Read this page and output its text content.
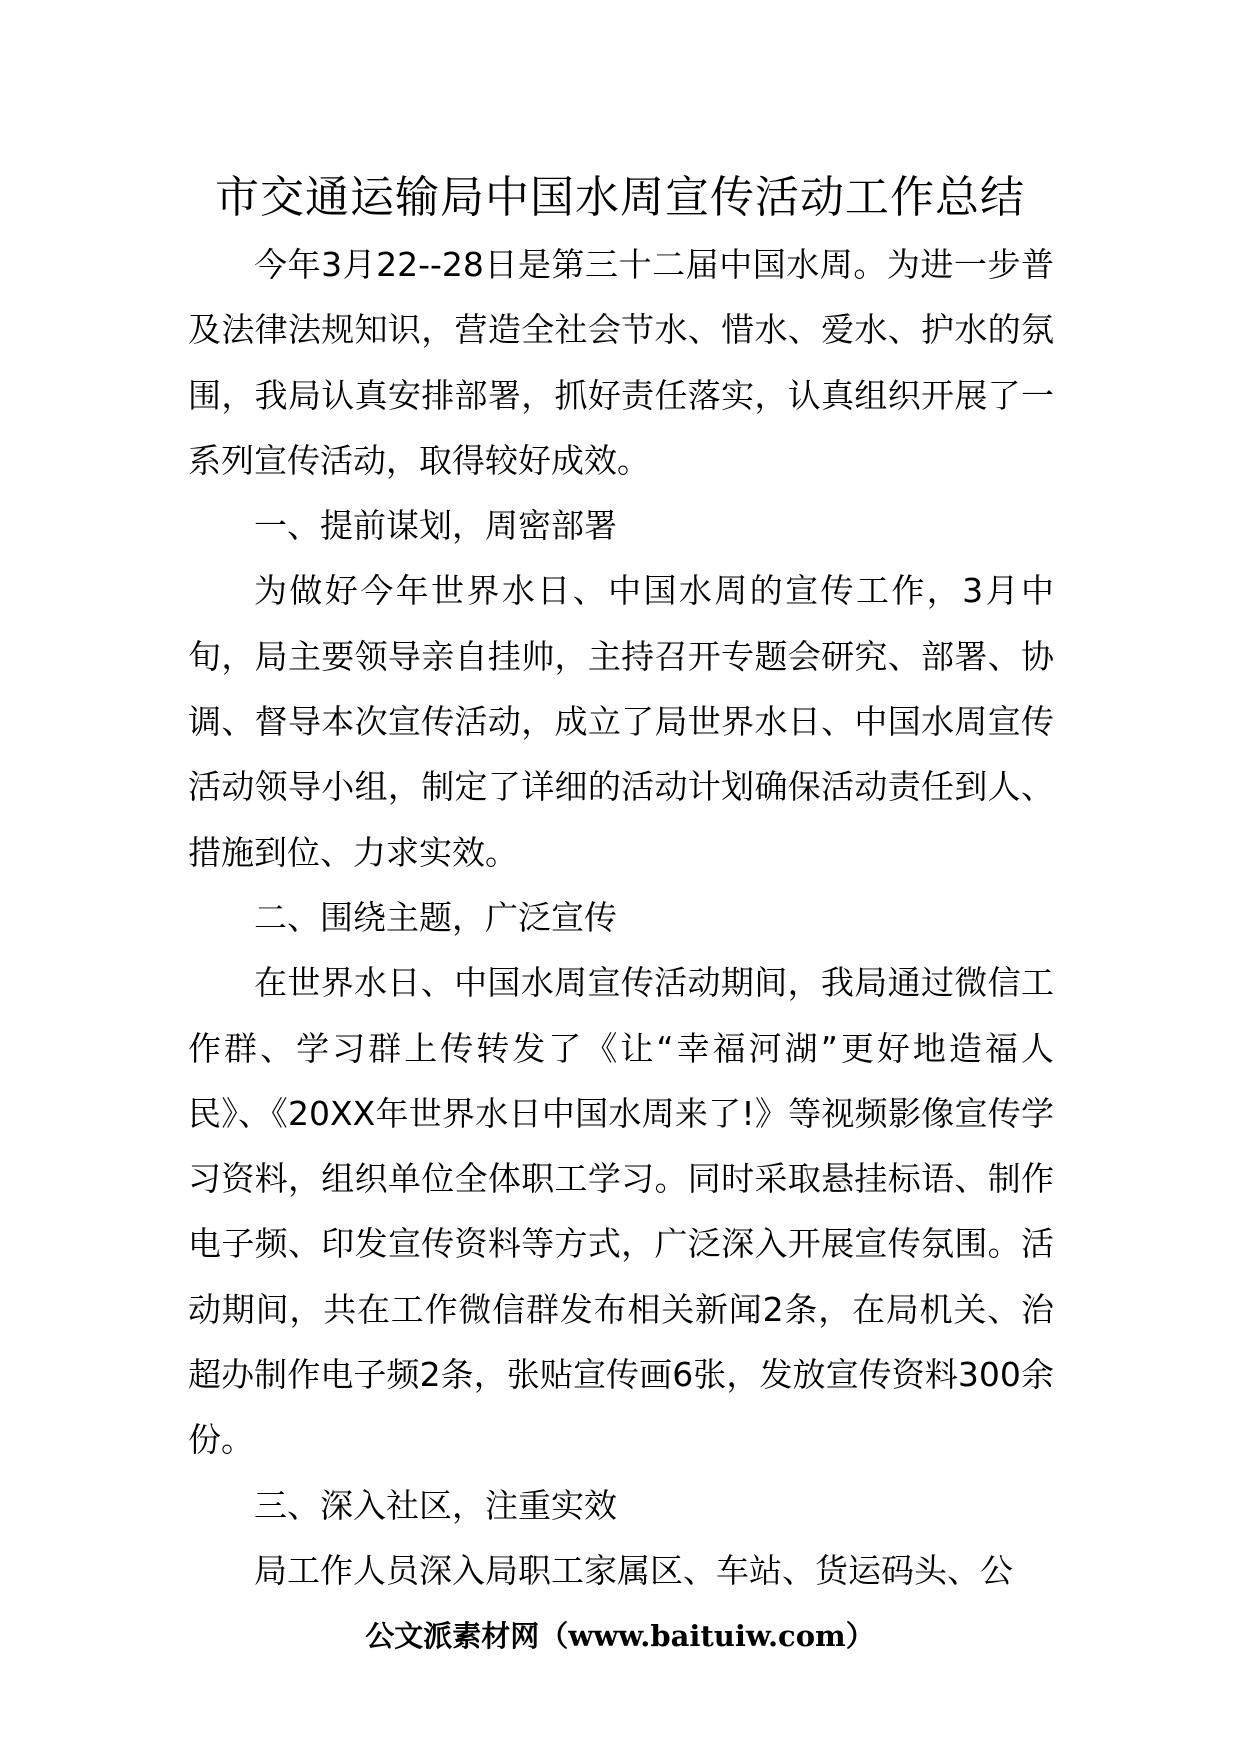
市交通运输局中国水周宣传活动工作总结

今年3月22--28日是第三十二届中国水周。为进一步普及法律法规知识，营造全社会节水、惜水、爱水、护水的氛围，我局认真安排部署，抓好责任落实，认真组织开展了一系列宣传活动，取得较好成效。

一、提前谋划，周密部署

为做好今年世界水日、中国水周的宣传工作，3月中旬，局主要领导亲自挂帅，主持召开专题会研究、部署、协调、督导本次宣传活动，成立了局世界水日、中国水周宣传活动领导小组，制定了详细的活动计划确保活动责任到人、措施到位、力求实效。

二、围绕主题，广泛宣传

在世界水日、中国水周宣传活动期间，我局通过微信工作群、学习群上传转发了《让“幸福河湖”更好地造福人民》、《20XX年世界水日中国水周来了!》等视频影像宣传学习资料，组织单位全体职工学习。同时采取悬挂标语、制作电子频、印发宣传资料等方式，广泛深入开展宣传氛围。活动期间，共在工作微信群发布相关新闻2条，在局机关、治超办制作电子频2条，张贴宣传画6张，发放宣传资料300余份。

三、深入社区，注重实效

局工作人员深入局职工家属区、车站、货运码头、公

公文派素材网（www.baituiw.com）
